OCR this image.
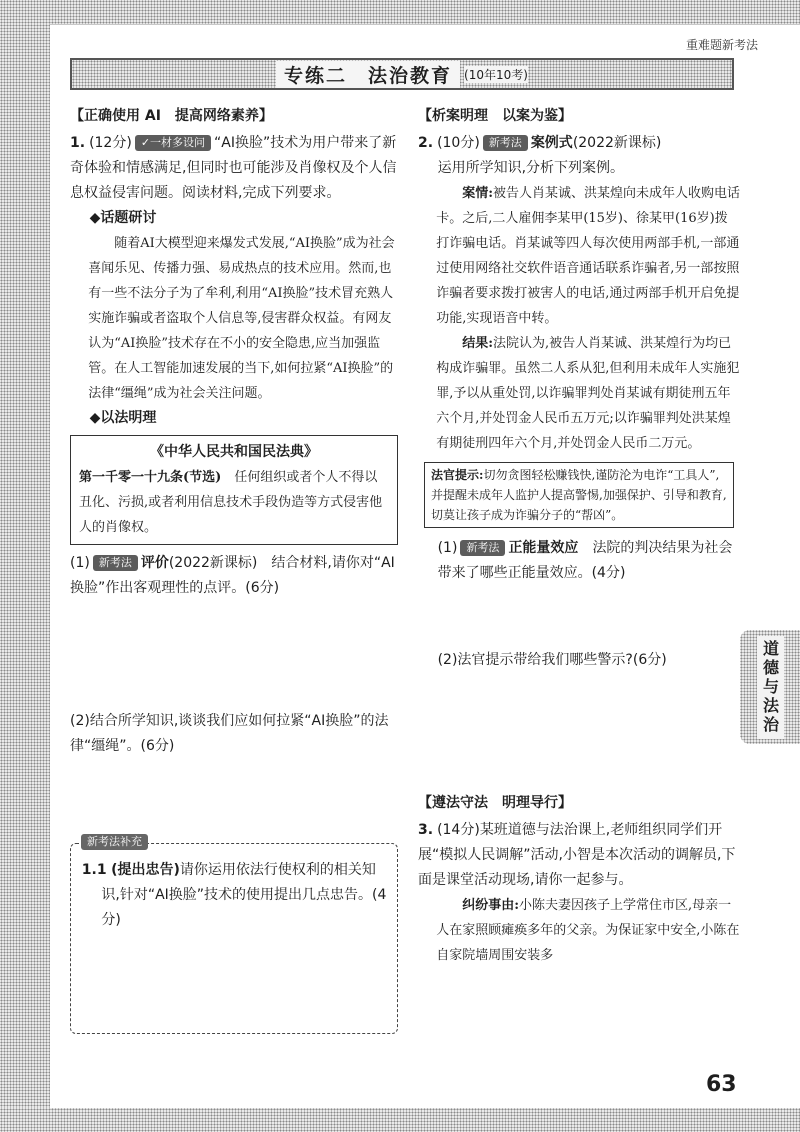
重难题新考法
专练二　法治教育	(10年10考)
道德与法治
【正确使用 AI　提高网络素养】

1. (12分) ✓一材多设问 “AI换脸”技术为用户带来了新奇体验和情感满足,但同时也可能涉及肖像权及个人信息权益侵害问题。阅读材料,完成下列要求。

◆话题研讨

随着AI大模型迎来爆发式发展,“AI换脸”成为社会喜闻乐见、传播力强、易成热点的技术应用。然而,也有一些不法分子为了牟利,利用“AI换脸”技术冒充熟人实施诈骗或者盗取个人信息等,侵害群众权益。有网友认为“AI换脸”技术存在不小的安全隐患,应当加强监管。在人工智能加速发展的当下,如何拉紧“AI换脸”的法律“缰绳”成为社会关注问题。

◆以法明理
《中华人民共和国民法典》

第一千零一十九条(节选)　 任何组织或者个人不得以丑化、污损,或者利用信息技术手段伪造等方式侵害他人的肖像权。

(1) 新考法 评价(2022新课标)　结合材料,请你对“AI换脸”作出客观理性的点评。(6分)

(2)结合所学知识,谈谈我们应如何拉紧“AI换脸”的法律“缰绳”。(6分)

新考法补充

1.1 (提出忠告)请你运用依法行使权利的相关知识,针对“AI换脸”技术的使用提出几点忠告。(4分)

【析案明理　以案为鉴】

2. (10分) 新考法 案例式(2022新课标)

运用所学知识,分析下列案例。

案情:被告人肖某诚、洪某煌向未成年人收购电话卡。之后,二人雇佣李某甲(15岁)、徐某甲(16岁)拨打诈骗电话。肖某诚等四人每次使用两部手机,一部通过使用网络社交软件语音通话联系诈骗者,另一部按照诈骗者要求拨打被害人的电话,通过两部手机开启免提功能,实现语音中转。

结果:法院认为,被告人肖某诚、洪某煌行为均已构成诈骗罪。虽然二人系从犯,但利用未成年人实施犯罪,予以从重处罚,以诈骗罪判处肖某诚有期徒刑五年六个月,并处罚金人民币五万元;以诈骗罪判处洪某煌有期徒刑四年六个月,并处罚金人民币二万元。

法官提示:切勿贪图轻松赚钱快,谨防沦为电诈“工具人”,并提醒未成年人监护人提高警惕,加强保护、引导和教育,切莫让孩子成为诈骗分子的“帮凶”。

(1) 新考法 正能量效应　 法院的判决结果为社会带来了哪些正能量效应。(4分)

(2)法官提示带给我们哪些警示?(6分)

【遵法守法　明理导行】

3. (14分)某班道德与法治课上,老师组织同学们开展“模拟人民调解”活动,小智是本次活动的调解员,下面是课堂活动现场,请你一起参与。

纠纷事由:小陈夫妻因孩子上学常住市区,母亲一人在家照顾瘫痪多年的父亲。为保证家中安全,小陈在自家院墙周围安装多

63
